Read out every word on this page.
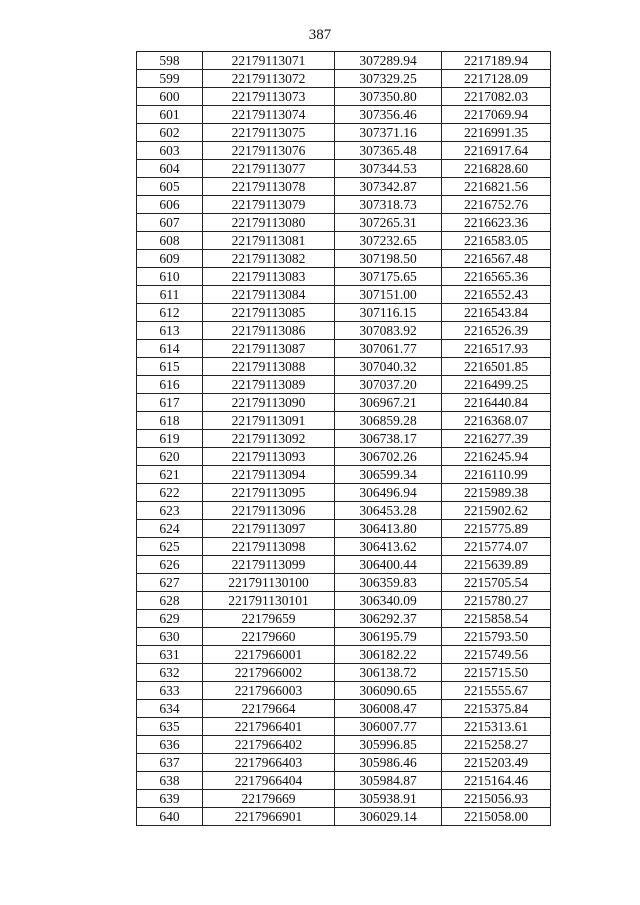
387
598	22179113071	307289.94	2217189.94
599	22179113072	307329.25	2217128.09
600	22179113073	307350.80	2217082.03
601	22179113074	307356.46	2217069.94
602	22179113075	307371.16	2216991.35
603	22179113076	307365.48	2216917.64
604	22179113077	307344.53	2216828.60
605	22179113078	307342.87	2216821.56
606	22179113079	307318.73	2216752.76
607	22179113080	307265.31	2216623.36
608	22179113081	307232.65	2216583.05
609	22179113082	307198.50	2216567.48
610	22179113083	307175.65	2216565.36
611	22179113084	307151.00	2216552.43
612	22179113085	307116.15	2216543.84
613	22179113086	307083.92	2216526.39
614	22179113087	307061.77	2216517.93
615	22179113088	307040.32	2216501.85
616	22179113089	307037.20	2216499.25
617	22179113090	306967.21	2216440.84
618	22179113091	306859.28	2216368.07
619	22179113092	306738.17	2216277.39
620	22179113093	306702.26	2216245.94
621	22179113094	306599.34	2216110.99
622	22179113095	306496.94	2215989.38
623	22179113096	306453.28	2215902.62
624	22179113097	306413.80	2215775.89
625	22179113098	306413.62	2215774.07
626	22179113099	306400.44	2215639.89
627	221791130100	306359.83	2215705.54
628	221791130101	306340.09	2215780.27
629	22179659	306292.37	2215858.54
630	22179660	306195.79	2215793.50
631	2217966001	306182.22	2215749.56
632	2217966002	306138.72	2215715.50
633	2217966003	306090.65	2215555.67
634	22179664	306008.47	2215375.84
635	2217966401	306007.77	2215313.61
636	2217966402	305996.85	2215258.27
637	2217966403	305986.46	2215203.49
638	2217966404	305984.87	2215164.46
639	22179669	305938.91	2215056.93
640	2217966901	306029.14	2215058.00
